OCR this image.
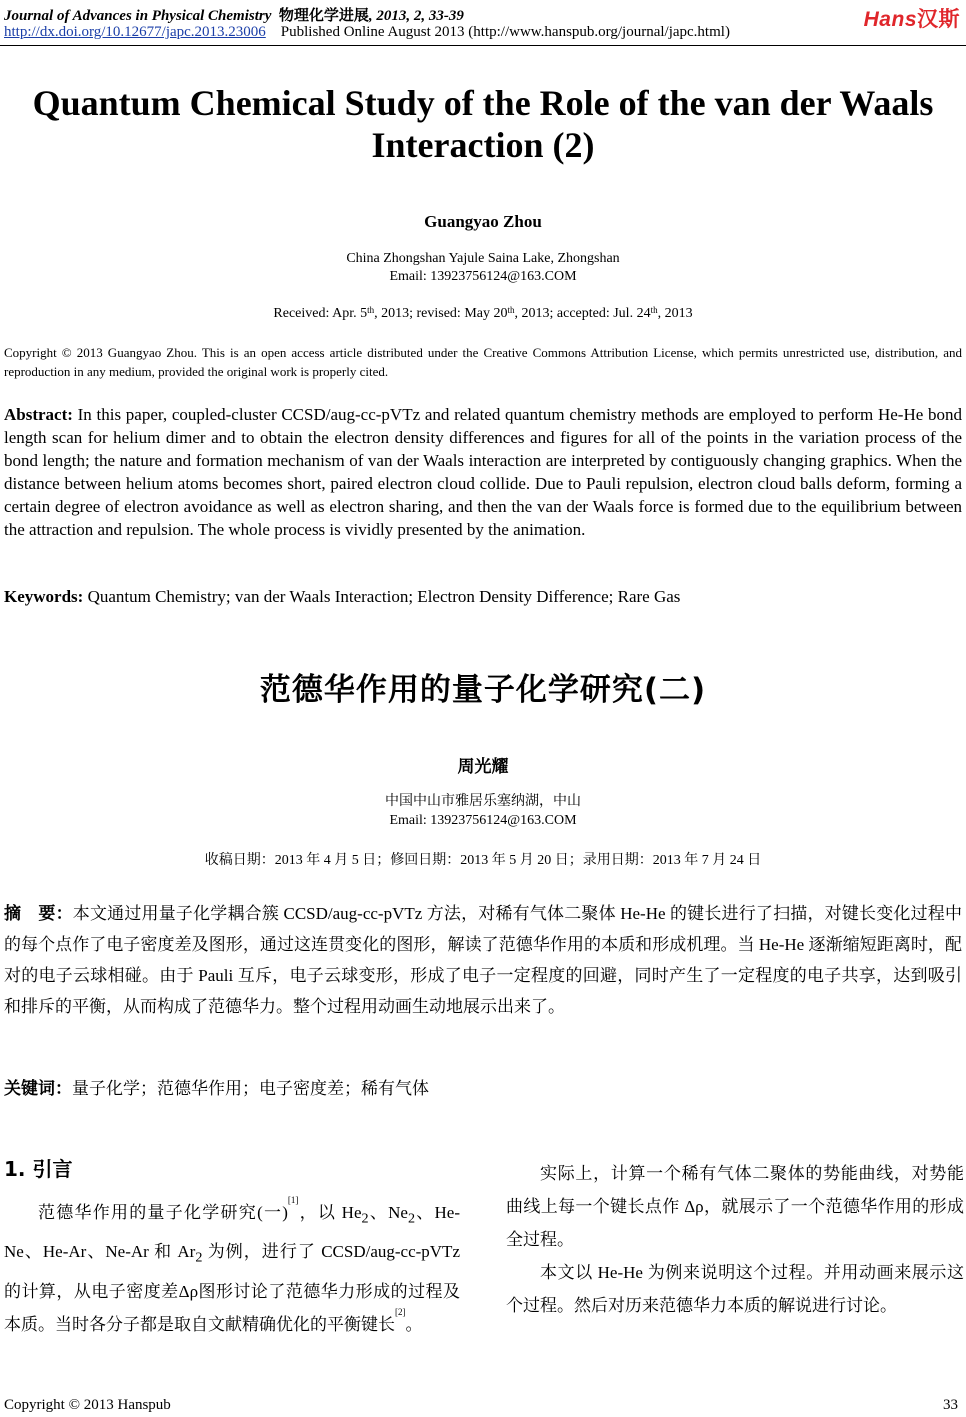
Journal of Advances in Physical Chemistry 物理化学进展, 2013, 2, 33-39
http://dx.doi.org/10.12677/japc.2013.23006 Published Online August 2013 (http://www.hanspub.org/journal/japc.html)
Hans汉斯
Quantum Chemical Study of the Role of the van der Waals Interaction (2)
Guangyao Zhou
China Zhongshan Yajule Saina Lake, Zhongshan
Email: 13923756124@163.COM
Received: Apr. 5th, 2013; revised: May 20th, 2013; accepted: Jul. 24th, 2013
Copyright © 2013 Guangyao Zhou. This is an open access article distributed under the Creative Commons Attribution License, which permits unrestricted use, distribution, and reproduction in any medium, provided the original work is properly cited.
Abstract: In this paper, coupled-cluster CCSD/aug-cc-pVTz and related quantum chemistry methods are employed to perform He-He bond length scan for helium dimer and to obtain the electron density differences and figures for all of the points in the variation process of the bond length; the nature and formation mechanism of van der Waals interaction are interpreted by contiguously changing graphics. When the distance between helium atoms becomes short, paired electron cloud collide. Due to Pauli repulsion, electron cloud balls deform, forming a certain degree of electron avoidance as well as electron sharing, and then the van der Waals force is formed due to the equilibrium between the attraction and repulsion. The whole process is vividly presented by the animation.
Keywords: Quantum Chemistry; van der Waals Interaction; Electron Density Difference; Rare Gas
范德华作用的量子化学研究(二)
周光耀
中国中山市雅居乐塞纳湖，中山
Email: 13923756124@163.COM
收稿日期：2013 年 4 月 5 日；修回日期：2013 年 5 月 20 日；录用日期：2013 年 7 月 24 日
摘　要：本文通过用量子化学耦合簇 CCSD/aug-cc-pVTz 方法，对稀有气体二聚体 He-He 的键长进行了扫描，对键长变化过程中的每个点作了电子密度差及图形，通过这连贯变化的图形，解读了范德华作用的本质和形成机理。当 He-He 逐渐缩短距离时，配对的电子云球相碰。由于 Pauli 互斥，电子云球变形，形成了电子一定程度的回避，同时产生了一定程度的电子共享，达到吸引和排斥的平衡，从而构成了范德华力。整个过程用动画生动地展示出来了。
关键词：量子化学；范德华作用；电子密度差；稀有气体
1. 引言

范德华作用的量子化学研究(一)[1]，以 $He_2$、$Ne_2$、He-Ne、He-Ar、Ne-Ar 和 $Ar_2$ 为例，进行了 CCSD/aug-cc-pVTz 的计算，从电子密度差Δρ图形讨论了范德华力形成的过程及本质。当时各分子都是取自文献精确优化的平衡键长[2]。

实际上，计算一个稀有气体二聚体的势能曲线，对势能曲线上每一个键长点作 Δρ，就展示了一个范德华作用的形成全过程。

本文以 He-He 为例来说明这个过程。并用动画来展示这个过程。然后对历来范德华力本质的解说进行讨论。

Copyright © 2013 Hanspub	33
